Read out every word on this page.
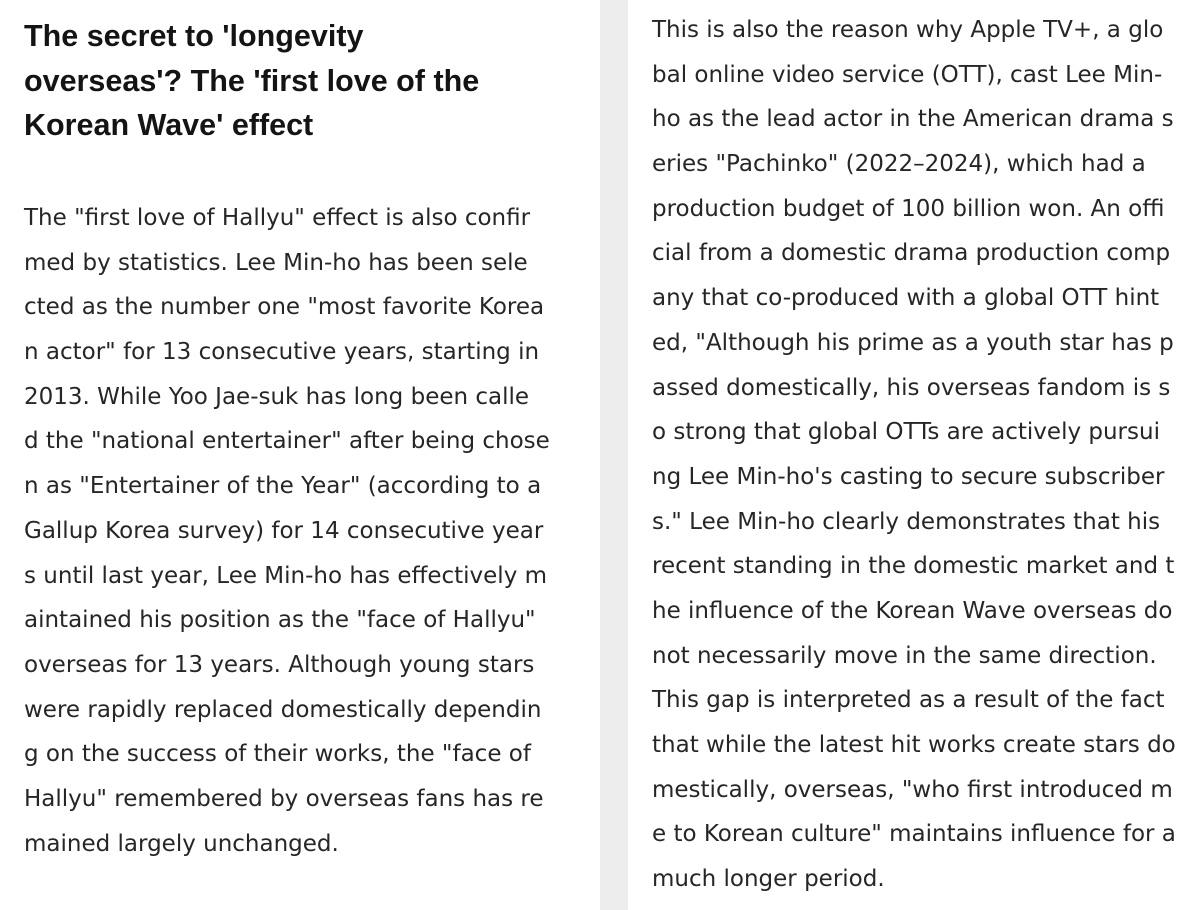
The secret to 'longevity
overseas'? The 'first love of the
Korean Wave' effect
The "first love of Hallyu" effect is also confir
med by statistics. Lee Min-ho has been sele
cted as the number one "most favorite Korea
n actor" for 13 consecutive years, starting in
2013. While Yoo Jae-suk has long been calle
d the "national entertainer" after being chose
n as "Entertainer of the Year" (according to a
Gallup Korea survey) for 14 consecutive year
s until last year, Lee Min-ho has effectively m
aintained his position as the "face of Hallyu"
overseas for 13 years. Although young stars
were rapidly replaced domestically dependin
g on the success of their works, the "face of
Hallyu" remembered by overseas fans has re
mained largely unchanged.
This is also the reason why Apple TV+, a glo
bal online video service (OTT), cast Lee Min-
ho as the lead actor in the American drama s
eries "Pachinko" (2022–2024), which had a
production budget of 100 billion won. An offi
cial from a domestic drama production comp
any that co-produced with a global OTT hint
ed, "Although his prime as a youth star has p
assed domestically, his overseas fandom is s
o strong that global OTTs are actively pursui
ng Lee Min-ho's casting to secure subscriber
s." Lee Min-ho clearly demonstrates that his
recent standing in the domestic market and t
he influence of the Korean Wave overseas do
not necessarily move in the same direction.
This gap is interpreted as a result of the fact
that while the latest hit works create stars do
mestically, overseas, "who first introduced m
e to Korean culture" maintains influence for a
much longer period.
